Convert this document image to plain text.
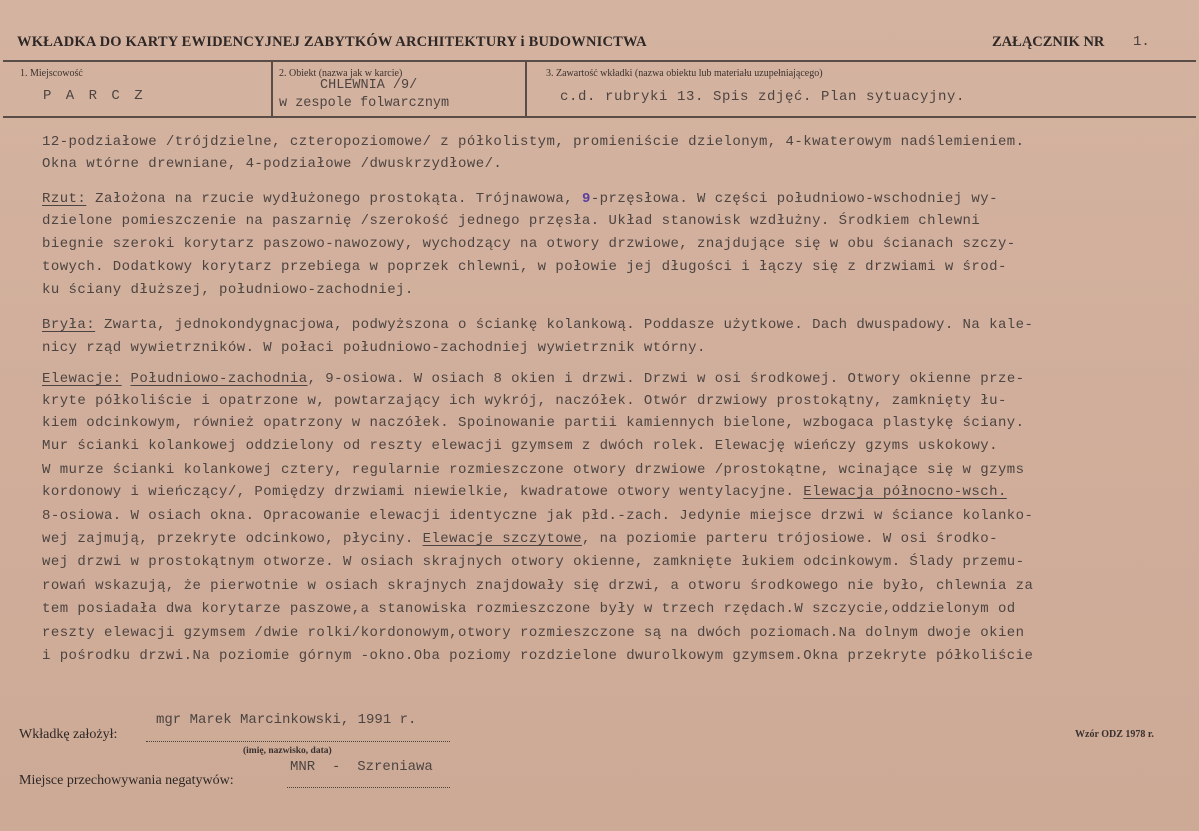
WKŁADKA DO KARTY EWIDENCYJNEJ ZABYTKÓW ARCHITEKTURY i BUDOWNICTWA	ZAŁĄCZNIK NR 1.
1. Miejscowość
P A R C Z
2. Obiekt (nazwa jak w karcie)
CHLEWNIA /9/
w zespole folwarcznym
3. Zawartość wkładki (nazwa obiektu lub materiału uzupełniającego)
c.d. rubryki 13. Spis zdjęć. Plan sytuacyjny.
12-podziałowe /trójdzielne, czteropoziomowe/ z półkolistym, promieniście dzielonym, 4-kwaterowym nadślemieniem.
Okna wtórne drewniane, 4-podziałowe /dwuskrzydłowe/.
Rzut: Założona na rzucie wydłużonego prostokąta. Trójnawowa, 9-przęsłowa. W części południowo-wschodniej wy-
dzielone pomieszczenie na paszarnię /szerokość jednego przęsła. Układ stanowisk wzdłużny. Środkiem chlewni
biegnie szeroki korytarz paszowo-nawozowy, wychodzący na otwory drzwiowe, znajdujące się w obu ścianach szczy-
towych. Dodatkowy korytarz przebiega w poprzek chlewni, w połowie jej długości i łączy się z drzwiami w środ-
ku ściany dłuższej, południowo-zachodniej.
Bryła: Zwarta, jednokondygnacjowa, podwyższona o ściankę kolankową. Poddasze użytkowe. Dach dwuspadowy. Na kale-
nicy rząd wywietrzników. W połaci południowo-zachodniej wywietrznik wtórny.
Elewacje: Południowo-zachodnia, 9-osiowa. W osiach 8 okien i drzwi. Drzwi w osi środkowej. Otwory okienne prze-
kryte półkoliście i opatrzone w, powtarzający ich wykrój, naczółek. Otwór drzwiowy prostokątny, zamknięty łu-
kiem odcinkowym, również opatrzony w naczółek. Spoinowanie partii kamiennych bielone, wzbogaca plastykę ściany.
Mur ścianki kolankowej oddzielony od reszty elewacji gzymsem z dwóch rolek. Elewację wieńczy gzyms uskokowy.
W murze ścianki kolankowej cztery, regularnie rozmieszczone otwory drzwiowe /prostokątne, wcinające się w gzyms
kordonowy i wieńczący/, Pomiędzy drzwiami niewielkie, kwadratowe otwory wentylacyjne. Elewacja północno-wsch.
8-osiowa. W osiach okna. Opracowanie elewacji identyczne jak płd.-zach. Jedynie miejsce drzwi w ściance kolanko-
wej zajmują, przekryte odcinkowo, płyciny. Elewacje szczytowe, na poziomie parteru trójosiowe. W osi środko-
wej drzwi w prostokątnym otworze. W osiach skrajnych otwory okienne, zamknięte łukiem odcinkowym. Ślady przemu-
rowań wskazują, że pierwotnie w osiach skrajnych znajdowały się drzwi, a otworu środkowego nie było, chlewnia za
tem posiadała dwa korytarze paszowe,a stanowiska rozmieszczone były w trzech rzędach.W szczycie,oddzielonym od
reszty elewacji gzymsem /dwie rolki/kordonowym,otwory rozmieszczone są na dwóch poziomach.Na dolnym dwoje okien
i pośrodku drzwi.Na poziomie górnym -okno.Oba poziomy rozdzielone dwurolkowym gzymsem.Okna przekryte półkoliście
mgr Marek Marcinkowski, 1991 r.
Wkładkę założył:
(imię, nazwisko, data)
MNR  -  Szreniawa
Miejsce przechowywania negatywów:
Wzór ODZ 1978 r.
